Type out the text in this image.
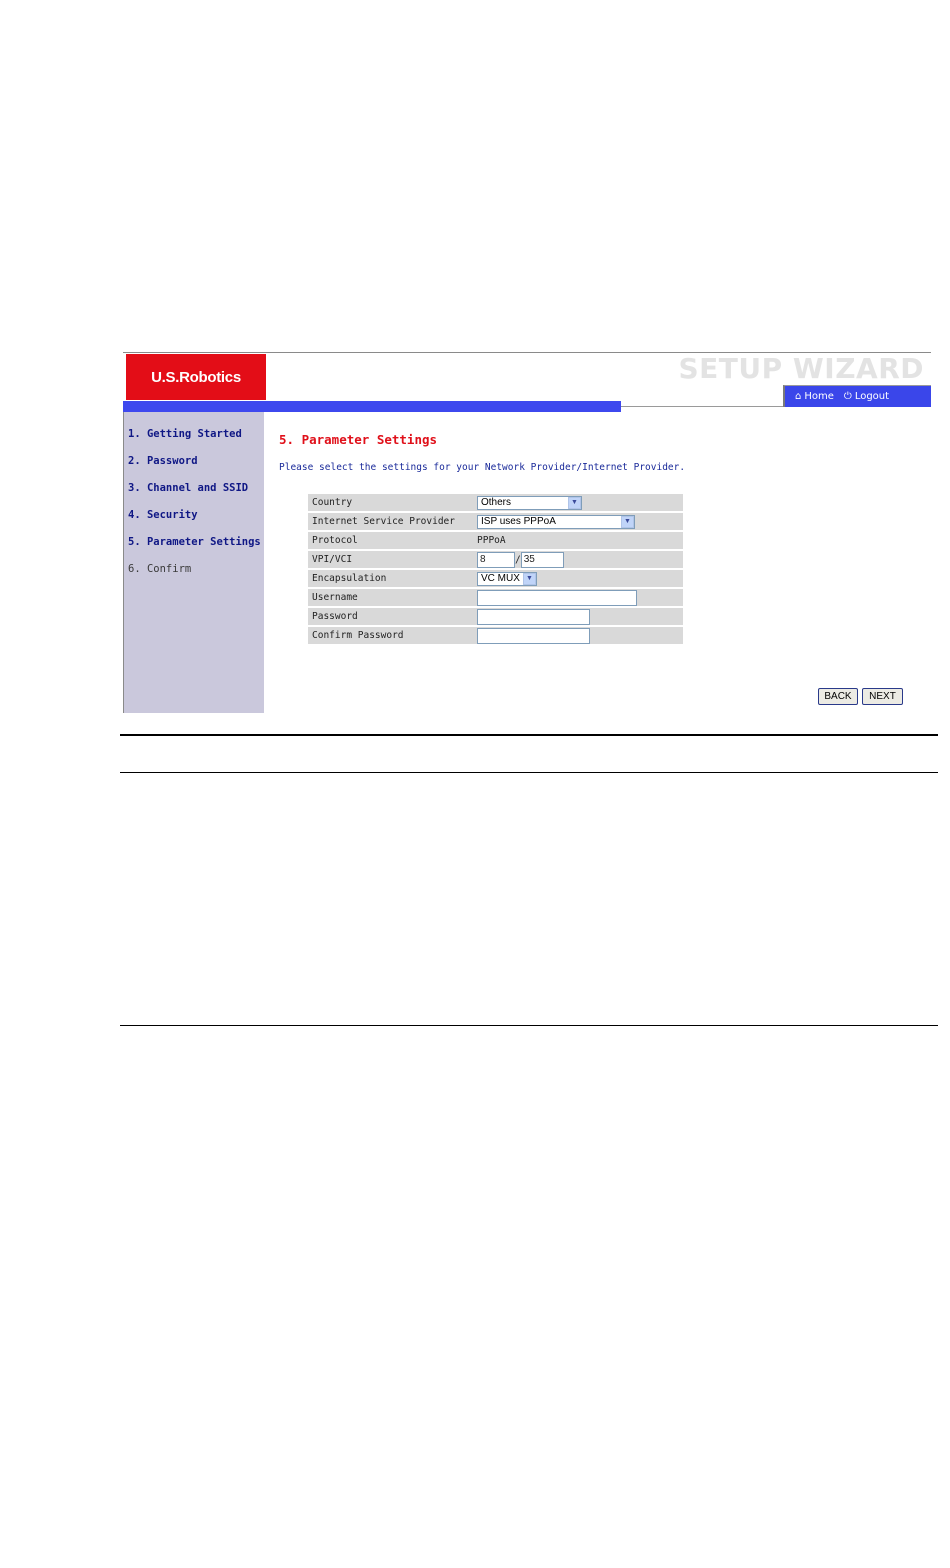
U.S.Robotics	SETUP WIZARD
⌂ Home ⏻ Logout
1. Getting Started
2. Password
3. Channel and SSID
4. Security
5. Parameter Settings
6. Confirm
5. Parameter Settings
Please select the settings for your Network Provider/Internet Provider.
Country	Others ▼

Internet Service Provider	ISP uses PPPoA ▼

Protocol	PPPoA
VPI/VCI	8 / 35
Encapsulation	VC MUX ▼

Username	
Password	
Confirm Password	
BACK	NEXT
